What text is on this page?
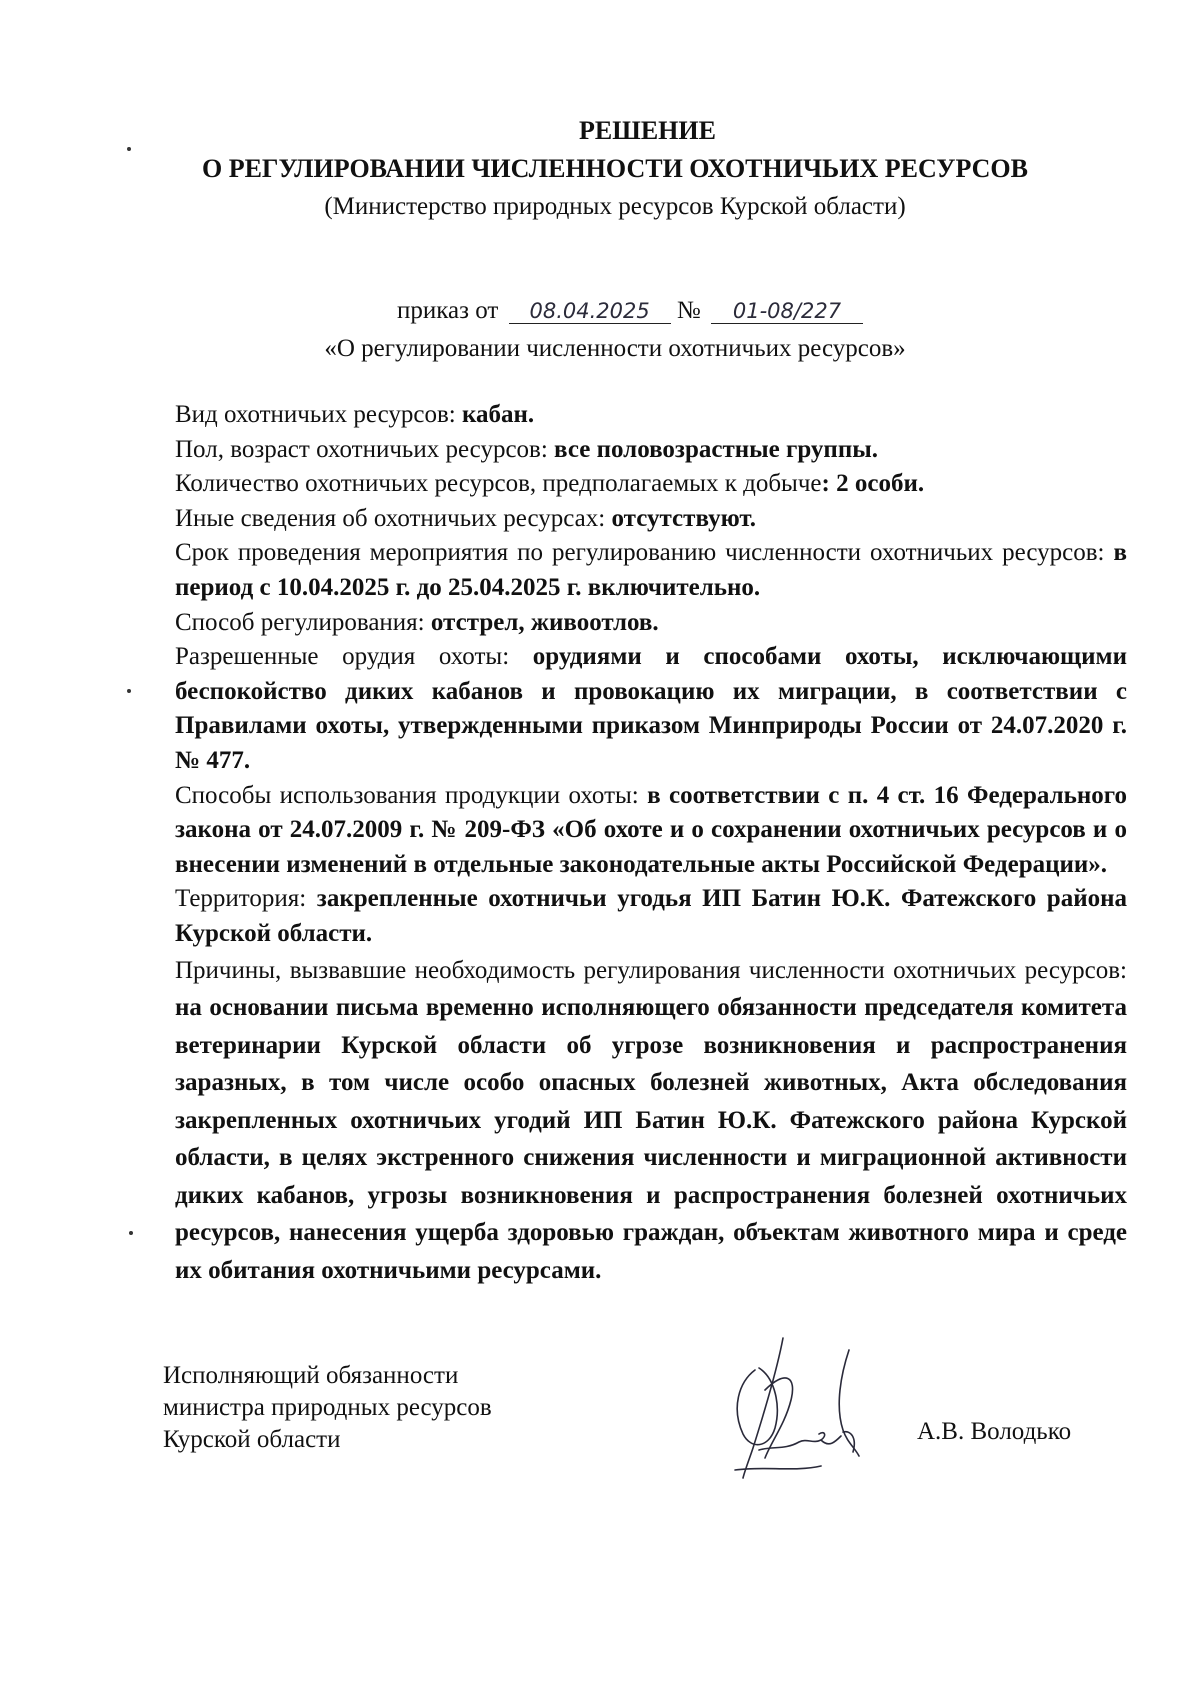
РЕШЕНИЕ
О РЕГУЛИРОВАНИИ ЧИСЛЕННОСТИ ОХОТНИЧЬИХ РЕСУРСОВ
(Министерство природных ресурсов Курской области)
приказ от 08.04.2025 № 01-08/227
«О регулировании численности охотничьих ресурсов»

Вид охотничьих ресурсов: кабан.

Пол, возраст охотничьих ресурсов: все половозрастные группы.

Количество охотничьих ресурсов, предполагаемых к добыче: 2 особи.

Иные сведения об охотничьих ресурсах: отсутствуют.

Срок проведения мероприятия по регулированию численности охотничьих ресурсов: в период с 10.04.2025 г. до 25.04.2025 г. включительно.

Способ регулирования: отстрел, живоотлов.

Разрешенные орудия охоты: орудиями и способами охоты, исключающими беспокойство диких кабанов и провокацию их миграции, в соответствии с Правилами охоты, утвержденными приказом Минприроды России от 24.07.2020 г. № 477.

Способы использования продукции охоты: в соответствии с п. 4 ст. 16 Федерального закона от 24.07.2009 г. № 209-ФЗ «Об охоте и о сохранении охотничьих ресурсов и о внесении изменений в отдельные законодательные акты Российской Федерации».

Территория: закрепленные охотничьи угодья ИП Батин Ю.К. Фатежского района Курской области.

Причины, вызвавшие необходимость регулирования численности охотничьих ресурсов: на основании письма временно исполняющего обязанности председателя комитета ветеринарии Курской области об угрозе возникновения и распространения заразных, в том числе особо опасных болезней животных, Акта обследования закрепленных охотничьих угодий ИП Батин Ю.К. Фатежского района Курской области, в целях экстренного снижения численности и миграционной активности диких кабанов, угрозы возникновения и распространения болезней охотничьих ресурсов, нанесения ущерба здоровью граждан, объектам животного мира и среде их обитания охотничьими ресурсами.

Исполняющий обязанности
министра природных ресурсов
Курской области	А.В. Володько
